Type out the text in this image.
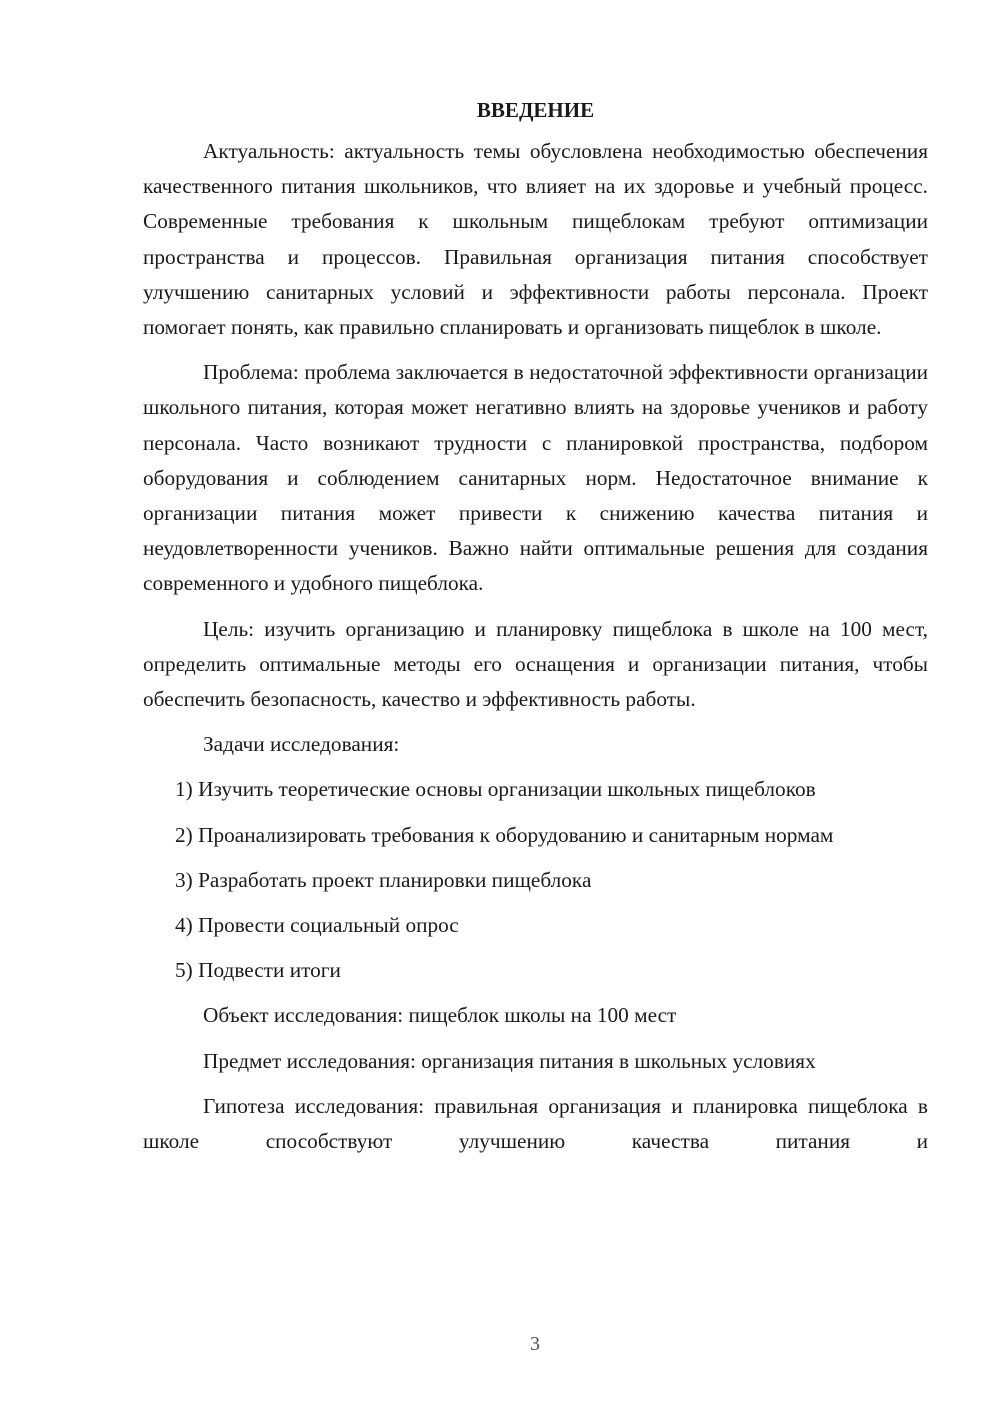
ВВЕДЕНИЕ

Актуальность: актуальность темы обусловлена необходимостью обеспечения качественного питания школьников, что влияет на их здоровье и учебный процесс. Современные требования к школьным пищеблокам требуют оптимизации пространства и процессов. Правильная организация питания способствует улучшению санитарных условий и эффективности работы персонала. Проект помогает понять, как правильно спланировать и организовать пищеблок в школе.

Проблема: проблема заключается в недостаточной эффективности организации школьного питания, которая может негативно влиять на здоровье учеников и работу персонала. Часто возникают трудности с планировкой пространства, подбором оборудования и соблюдением санитарных норм. Недостаточное внимание к организации питания может привести к снижению качества питания и неудовлетворенности учеников. Важно найти оптимальные решения для создания современного и удобного пищеблока.

Цель: изучить организацию и планировку пищеблока в школе на 100 мест, определить оптимальные методы его оснащения и организации питания, чтобы обеспечить безопасность, качество и эффективность работы.

Задачи исследования:

1) Изучить теоретические основы организации школьных пищеблоков

2) Проанализировать требования к оборудованию и санитарным нормам

3) Разработать проект планировки пищеблока

4) Провести социальный опрос

5) Подвести итоги

Объект исследования: пищеблок школы на 100 мест

Предмет исследования: организация питания в школьных условиях

Гипотеза исследования: правильная организация и планировка пищеблока в школе способствуют улучшению качества питания и

3
